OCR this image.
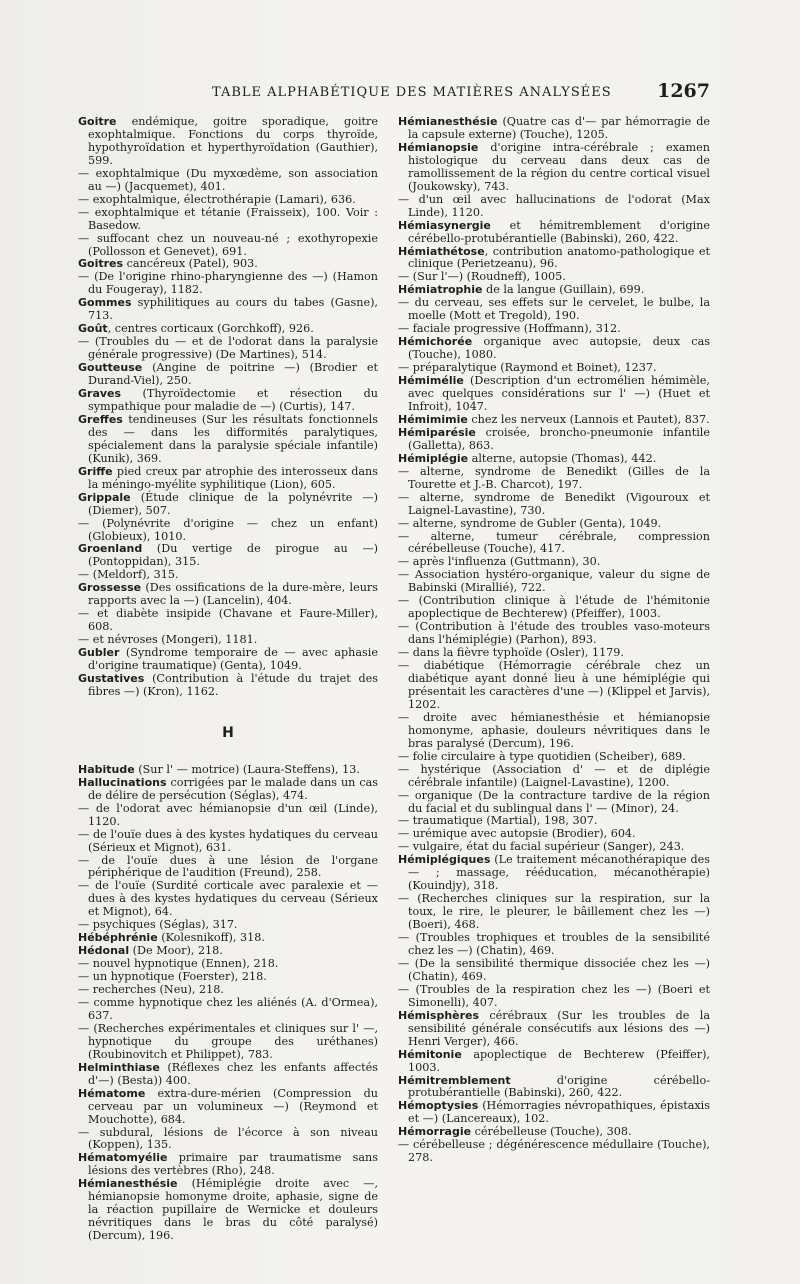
TABLE ALPHABÉTIQUE DES MATIÈRES ANALYSÉES 1267

Goitre endémique, goitre sporadique, goitre exophtalmique. Fonctions du corps thyroïde, hypothyroïdation et hyperthyroïdation (Gauthier), 599.

— exophtalmique (Du myxœdème, son association au —) (Jacquemet), 401.

— exophtalmique, électrothérapie (Lamari), 636.

— exophtalmique et tétanie (Fraisseix), 100. Voir : Basedow.

— suffocant chez un nouveau-né ; exothyropexie (Pollosson et Genevet), 691.

Goitres cancéreux (Patel), 903.

— (De l'origine rhino-pharyngienne des —) (Hamon du Fougeray), 1182.

Gommes syphilitiques au cours du tabes (Gasne), 713.

Goût, centres corticaux (Gorchkoff), 926.

— (Troubles du — et de l'odorat dans la paralysie générale progressive) (De Martines), 514.

Goutteuse (Angine de poitrine —) (Brodier et Durand-Viel), 250.

Graves (Thyroïdectomie et résection du sympathique pour maladie de —) (Curtis), 147.

Greffes tendineuses (Sur les résultats fonctionnels des — dans les difformités paralytiques, spécialement dans la paralysie spéciale infantile) (Kunik), 369.

Griffe pied creux par atrophie des interosseux dans la méningo-myélite syphilitique (Lion), 605.

Grippale (Étude clinique de la polynévrite —) (Diemer), 507.

— (Polynévrite d'origine — chez un enfant) (Globieux), 1010.

Groenland (Du vertige de pirogue au —) (Pontoppidan), 315.

— (Meldorf), 315.

Grossesse (Des ossifications de la dure-mère, leurs rapports avec la —) (Lancelin), 404.

— et diabète insipide (Chavane et Faure-Miller), 608.

— et névroses (Mongeri), 1181.

Gubler (Syndrome temporaire de — avec aphasie d'origine traumatique) (Genta), 1049.

Gustatives (Contribution à l'étude du trajet des fibres —) (Kron), 1162.

H

Habitude (Sur l' — motrice) (Laura-Steffens), 13.

Hallucinations corrigées par le malade dans un cas de délire de persécution (Séglas), 474.

— de l'odorat avec hémianopsie d'un œil (Linde), 1120.

— de l'ouïe dues à des kystes hydatiques du cerveau (Sérieux et Mignot), 631.

— de l'ouïe dues à une lésion de l'organe périphérique de l'audition (Freund), 258.

— de l'ouïe (Surdité corticale avec paralexie et — dues à des kystes hydatiques du cerveau (Sérieux et Mignot), 64.

— psychiques (Séglas), 317.

Hébéphrénie (Kolesnikoff), 318.

Hédonal (De Moor), 218.

— nouvel hypnotique (Ennen), 218.

— un hypnotique (Foerster), 218.

— recherches (Neu), 218.

— comme hypnotique chez les aliénés (A. d'Ormea), 637.

— (Recherches expérimentales et cliniques sur l' —, hypnotique du groupe des uréthanes) (Roubinovitch et Philippet), 783.

Helminthiase (Réflexes chez les enfants affectés d'—) (Besta)) 400.

Hématome extra-dure-mérien (Compression du cerveau par un volumineux —) (Reymond et Mouchotte), 684.

— subdural, lésions de l'écorce à son niveau (Koppen), 135.

Hématomyélie primaire par traumatisme sans lésions des vertèbres (Rho), 248.

Hémianesthésie (Hémiplégie droite avec —, hémianopsie homonyme droite, aphasie, signe de la réaction pupillaire de Wernicke et douleurs névritiques dans le bras du côté paralysé) (Dercum), 196.

Hémianesthésie (Quatre cas d'— par hémorragie de la capsule externe) (Touche), 1205.

Hémianopsie d'origine intra-cérébrale ; examen histologique du cerveau dans deux cas de ramollissement de la région du centre cortical visuel (Joukowsky), 743.

— d'un œil avec hallucinations de l'odorat (Max Linde), 1120.

Hémiasynergie et hémitremblement d'origine cérébello-protubérantielle (Babinski), 260, 422.

Hémiathétose, contribution anatomo-pathologique et clinique (Perietzeanu), 96.

— (Sur l'—) (Roudneff), 1005.

Hémiatrophie de la langue (Guillain), 699.

— du cerveau, ses effets sur le cervelet, le bulbe, la moelle (Mott et Tregold), 190.

— faciale progressive (Hoffmann), 312.

Hémichorée organique avec autopsie, deux cas (Touche), 1080.

— préparalytique (Raymond et Boinet), 1237.

Hémimélie (Description d'un ectromélien hémimèle, avec quelques considérations sur l' —) (Huet et Infroit), 1047.

Hémimimie chez les nerveux (Lannois et Pautet), 837.

Hémiparésie croisée, broncho-pneumonie infantile (Galletta), 863.

Hémiplégie alterne, autopsie (Thomas), 442.

— alterne, syndrome de Benedikt (Gilles de la Tourette et J.-B. Charcot), 197.

— alterne, syndrome de Benedikt (Vigouroux et Laignel-Lavastine), 730.

— alterne, syndrome de Gubler (Genta), 1049.

— alterne, tumeur cérébrale, compression cérébelleuse (Touche), 417.

— après l'influenza (Guttmann), 30.

— Association hystéro-organique, valeur du signe de Babinski (Mirallié), 722.

— (Contribution clinique à l'étude de l'hémitonie apoplectique de Bechterew) (Pfeiffer), 1003.

— (Contribution à l'étude des troubles vaso-moteurs dans l'hémiplégie) (Parhon), 893.

— dans la fièvre typhoïde (Osler), 1179.

— diabétique (Hémorragie cérébrale chez un diabétique ayant donné lieu à une hémiplégie qui présentait les caractères d'une —) (Klippel et Jarvis), 1202.

— droite avec hémianesthésie et hémianopsie homonyme, aphasie, douleurs névritiques dans le bras paralysé (Dercum), 196.

— folie circulaire à type quotidien (Scheiber), 689.

— hystérique (Association d' — et de diplégie cérébrale infantile) (Laignel-Lavastine), 1200.

— organique (De la contracture tardive de la région du facial et du sublingual dans l' — (Minor), 24.

— traumatique (Martial), 198, 307.

— urémique avec autopsie (Brodier), 604.

— vulgaire, état du facial supérieur (Sanger), 243.

Hémiplégiques (Le traitement mécanothérapique des — ; massage, rééducation, mécanothérapie) (Kouindjy), 318.

— (Recherches cliniques sur la respiration, sur la toux, le rire, le pleurer, le bâillement chez les —) (Boeri), 468.

— (Troubles trophiques et troubles de la sensibilité chez les —) (Chatin), 469.

— (De la sensibilité thermique dissociée chez les —) (Chatin), 469.

— (Troubles de la respiration chez les —) (Boeri et Simonelli), 407.

Hémisphères cérébraux (Sur les troubles de la sensibilité générale consécutifs aux lésions des —) Henri Verger), 466.

Hémitonie apoplectique de Bechterew (Pfeiffer), 1003.

Hémitremblement d'origine cérébello-protubérantielle (Babinski), 260, 422.

Hémoptysies (Hémorragies névropathiques, épistaxis et —) (Lancereaux), 102.

Hémorragie cérébelleuse (Touche), 308.

— cérébelleuse ; dégénérescence médullaire (Touche), 278.
